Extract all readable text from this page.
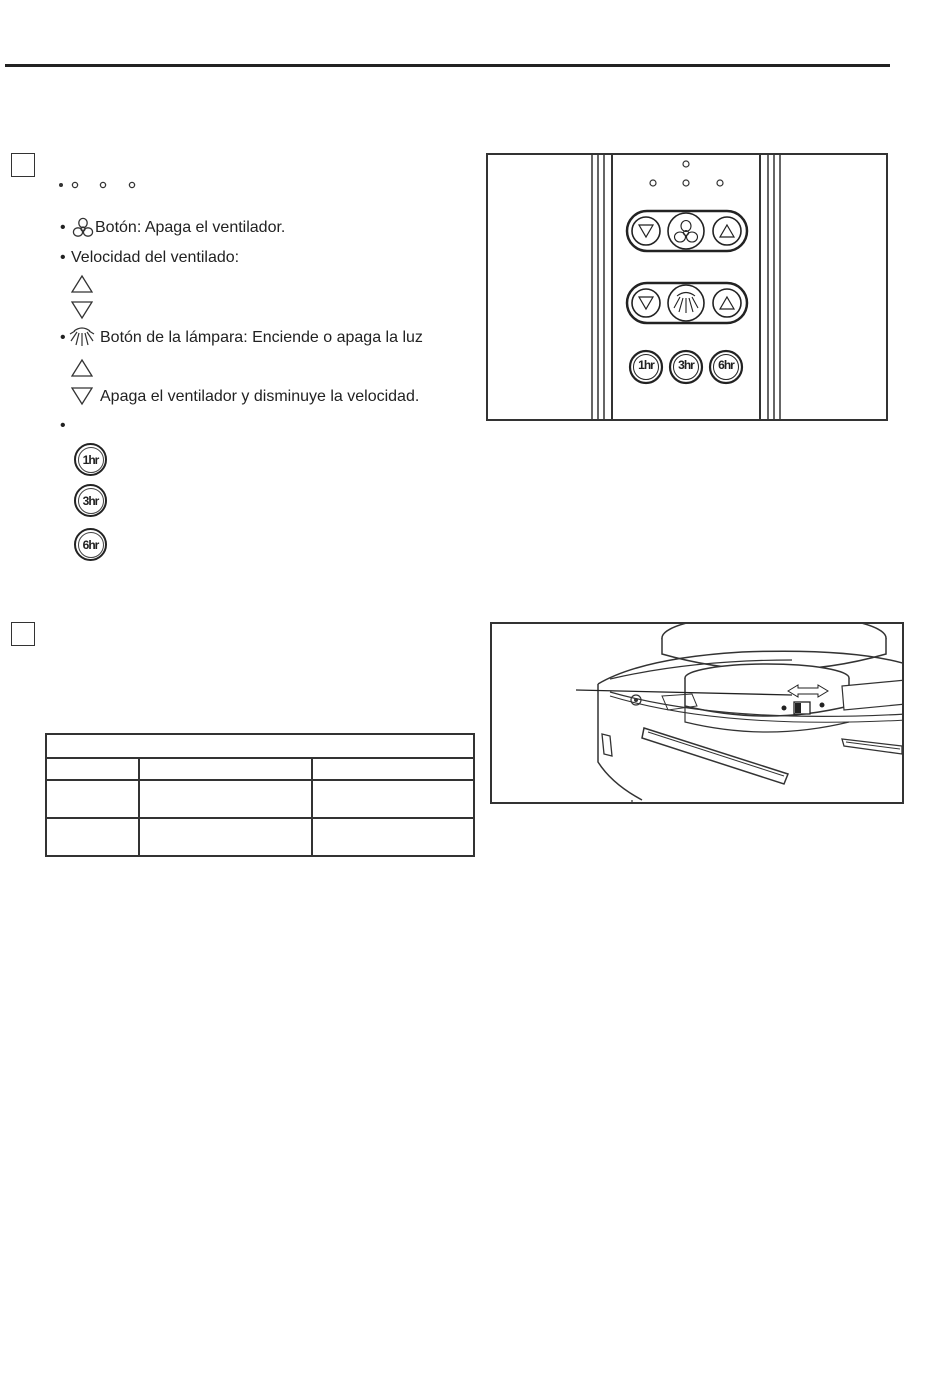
• Botón: Apaga el ventilador.
• Velocidad del ventilado:
• Botón de la lámpara: Enciende o apaga la luz
Apaga el ventilador y disminuye la velocidad.
•
1hr
3hr
6hr
1hr	3hr	6hr
